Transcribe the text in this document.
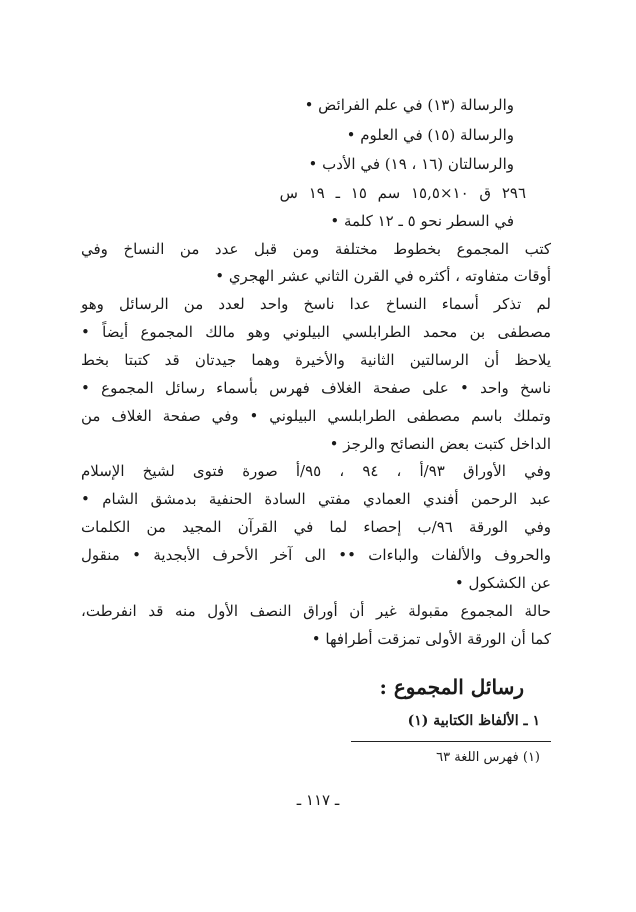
والرسالة (١٣) في علم الفرائض •
والرسالة (١٥) في العلوم •
والرسالتان (١٦ ، ١٩) في الأدب •
٢٩٦ ق ١٠×١٥,٥ سم ١٥ ـ ١٩ س
في السطر نحو ٥ ـ ١٢ كلمة •
كتب المجموع بخطوط مختلفة ومن قبل عدد من النساخ وفي
أوقات متفاوته ، أكثره في القرن الثاني عشر الهجري •
لم تذكر أسماء النساخ عدا ناسخ واحد لعدد من الرسائل وهو
مصطفى بن محمد الطرابلسي البيلوني وهو مالك المجموع أيضاً •
يلاحظ أن الرسالتين الثانية والأخيرة وهما جيدتان قد كتبتا بخط
ناسخ واحد • على صفحة الغلاف فهرس بأسماء رسائل المجموع •
وتملك باسم مصطفى الطرابلسي البيلوني • وفي صفحة الغلاف من
الداخل كتبت بعض النصائح والرجز •
وفي الأوراق ٩٣/أ ، ٩٤ ، ٩٥/أ صورة فتوى لشيخ الإسلام
عبد الرحمن أفندي العمادي مفتي السادة الحنفية بدمشق الشام •
وفي الورقة ٩٦/ب إحصاء لما في القرآن المجيد من الكلمات
والحروف والألفات والباءات •• الى آخر الأحرف الأبجدية • منقول
عن الكشكول •
حالة المجموع مقبولة غير أن أوراق النصف الأول منه قد انفرطت،
كما أن الورقة الأولى تمزقت أطرافها •
رسائل المجموع :
١ ـ الألفاظ الكتابية (١)
(١) فهرس اللغة ٦٣
ـ ١١٧ ـ
